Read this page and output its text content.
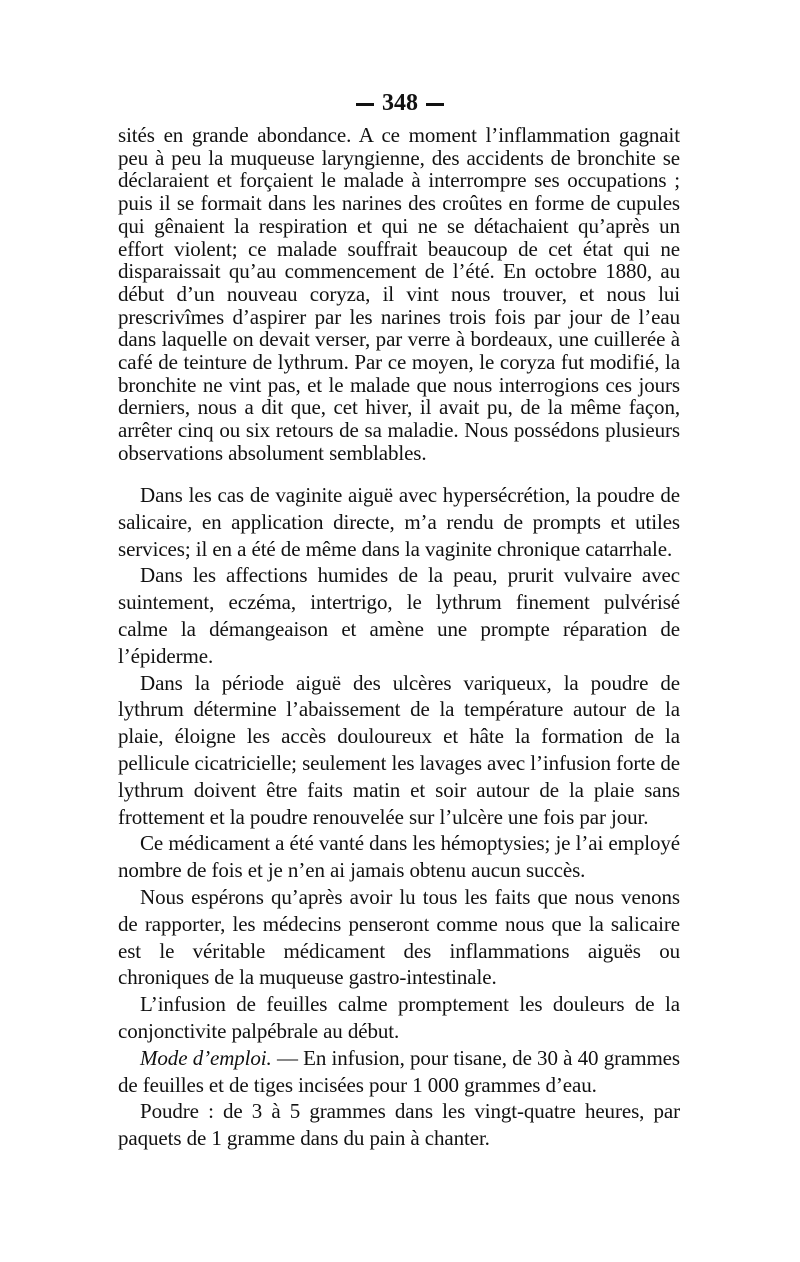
348

sités en grande abondance. A ce moment l’inflammation gagnait peu à peu la muqueuse laryngienne, des accidents de bronchite se déclaraient et forçaient le malade à interrompre ses occupations ; puis il se formait dans les narines des croûtes en forme de cupules qui gênaient la respiration et qui ne se détachaient qu’après un effort violent; ce malade souffrait beaucoup de cet état qui ne disparaissait qu’au commencement de l’été. En octobre 1880, au début d’un nouveau coryza, il vint nous trouver, et nous lui prescrivîmes d’aspirer par les narines trois fois par jour de l’eau dans laquelle on devait verser, par verre à bordeaux, une cuillerée à café de teinture de lythrum. Par ce moyen, le coryza fut modifié, la bronchite ne vint pas, et le malade que nous interrogions ces jours derniers, nous a dit que, cet hiver, il avait pu, de la même façon, arrêter cinq ou six retours de sa maladie. Nous possédons plusieurs observations absolument semblables.

Dans les cas de vaginite aiguë avec hypersécrétion, la poudre de salicaire, en application directe, m’a rendu de prompts et utiles services; il en a été de même dans la vaginite chronique catarrhale.

Dans les affections humides de la peau, prurit vulvaire avec suintement, eczéma, intertrigo, le lythrum finement pulvérisé calme la démangeaison et amène une prompte réparation de l’épiderme.

Dans la période aiguë des ulcères variqueux, la poudre de lythrum détermine l’abaissement de la température autour de la plaie, éloigne les accès douloureux et hâte la formation de la pellicule cicatricielle; seulement les lavages avec l’infusion forte de lythrum doivent être faits matin et soir autour de la plaie sans frottement et la poudre renouvelée sur l’ulcère une fois par jour.

Ce médicament a été vanté dans les hémoptysies; je l’ai employé nombre de fois et je n’en ai jamais obtenu aucun succès.

Nous espérons qu’après avoir lu tous les faits que nous venons de rapporter, les médecins penseront comme nous que la salicaire est le véritable médicament des inflammations aiguës ou chroniques de la muqueuse gastro-intestinale.

L’infusion de feuilles calme promptement les douleurs de la conjonctivite palpébrale au début.

Mode d’emploi. — En infusion, pour tisane, de 30 à 40 grammes de feuilles et de tiges incisées pour 1 000 grammes d’eau.

Poudre : de 3 à 5 grammes dans les vingt-quatre heures, par paquets de 1 gramme dans du pain à chanter.
